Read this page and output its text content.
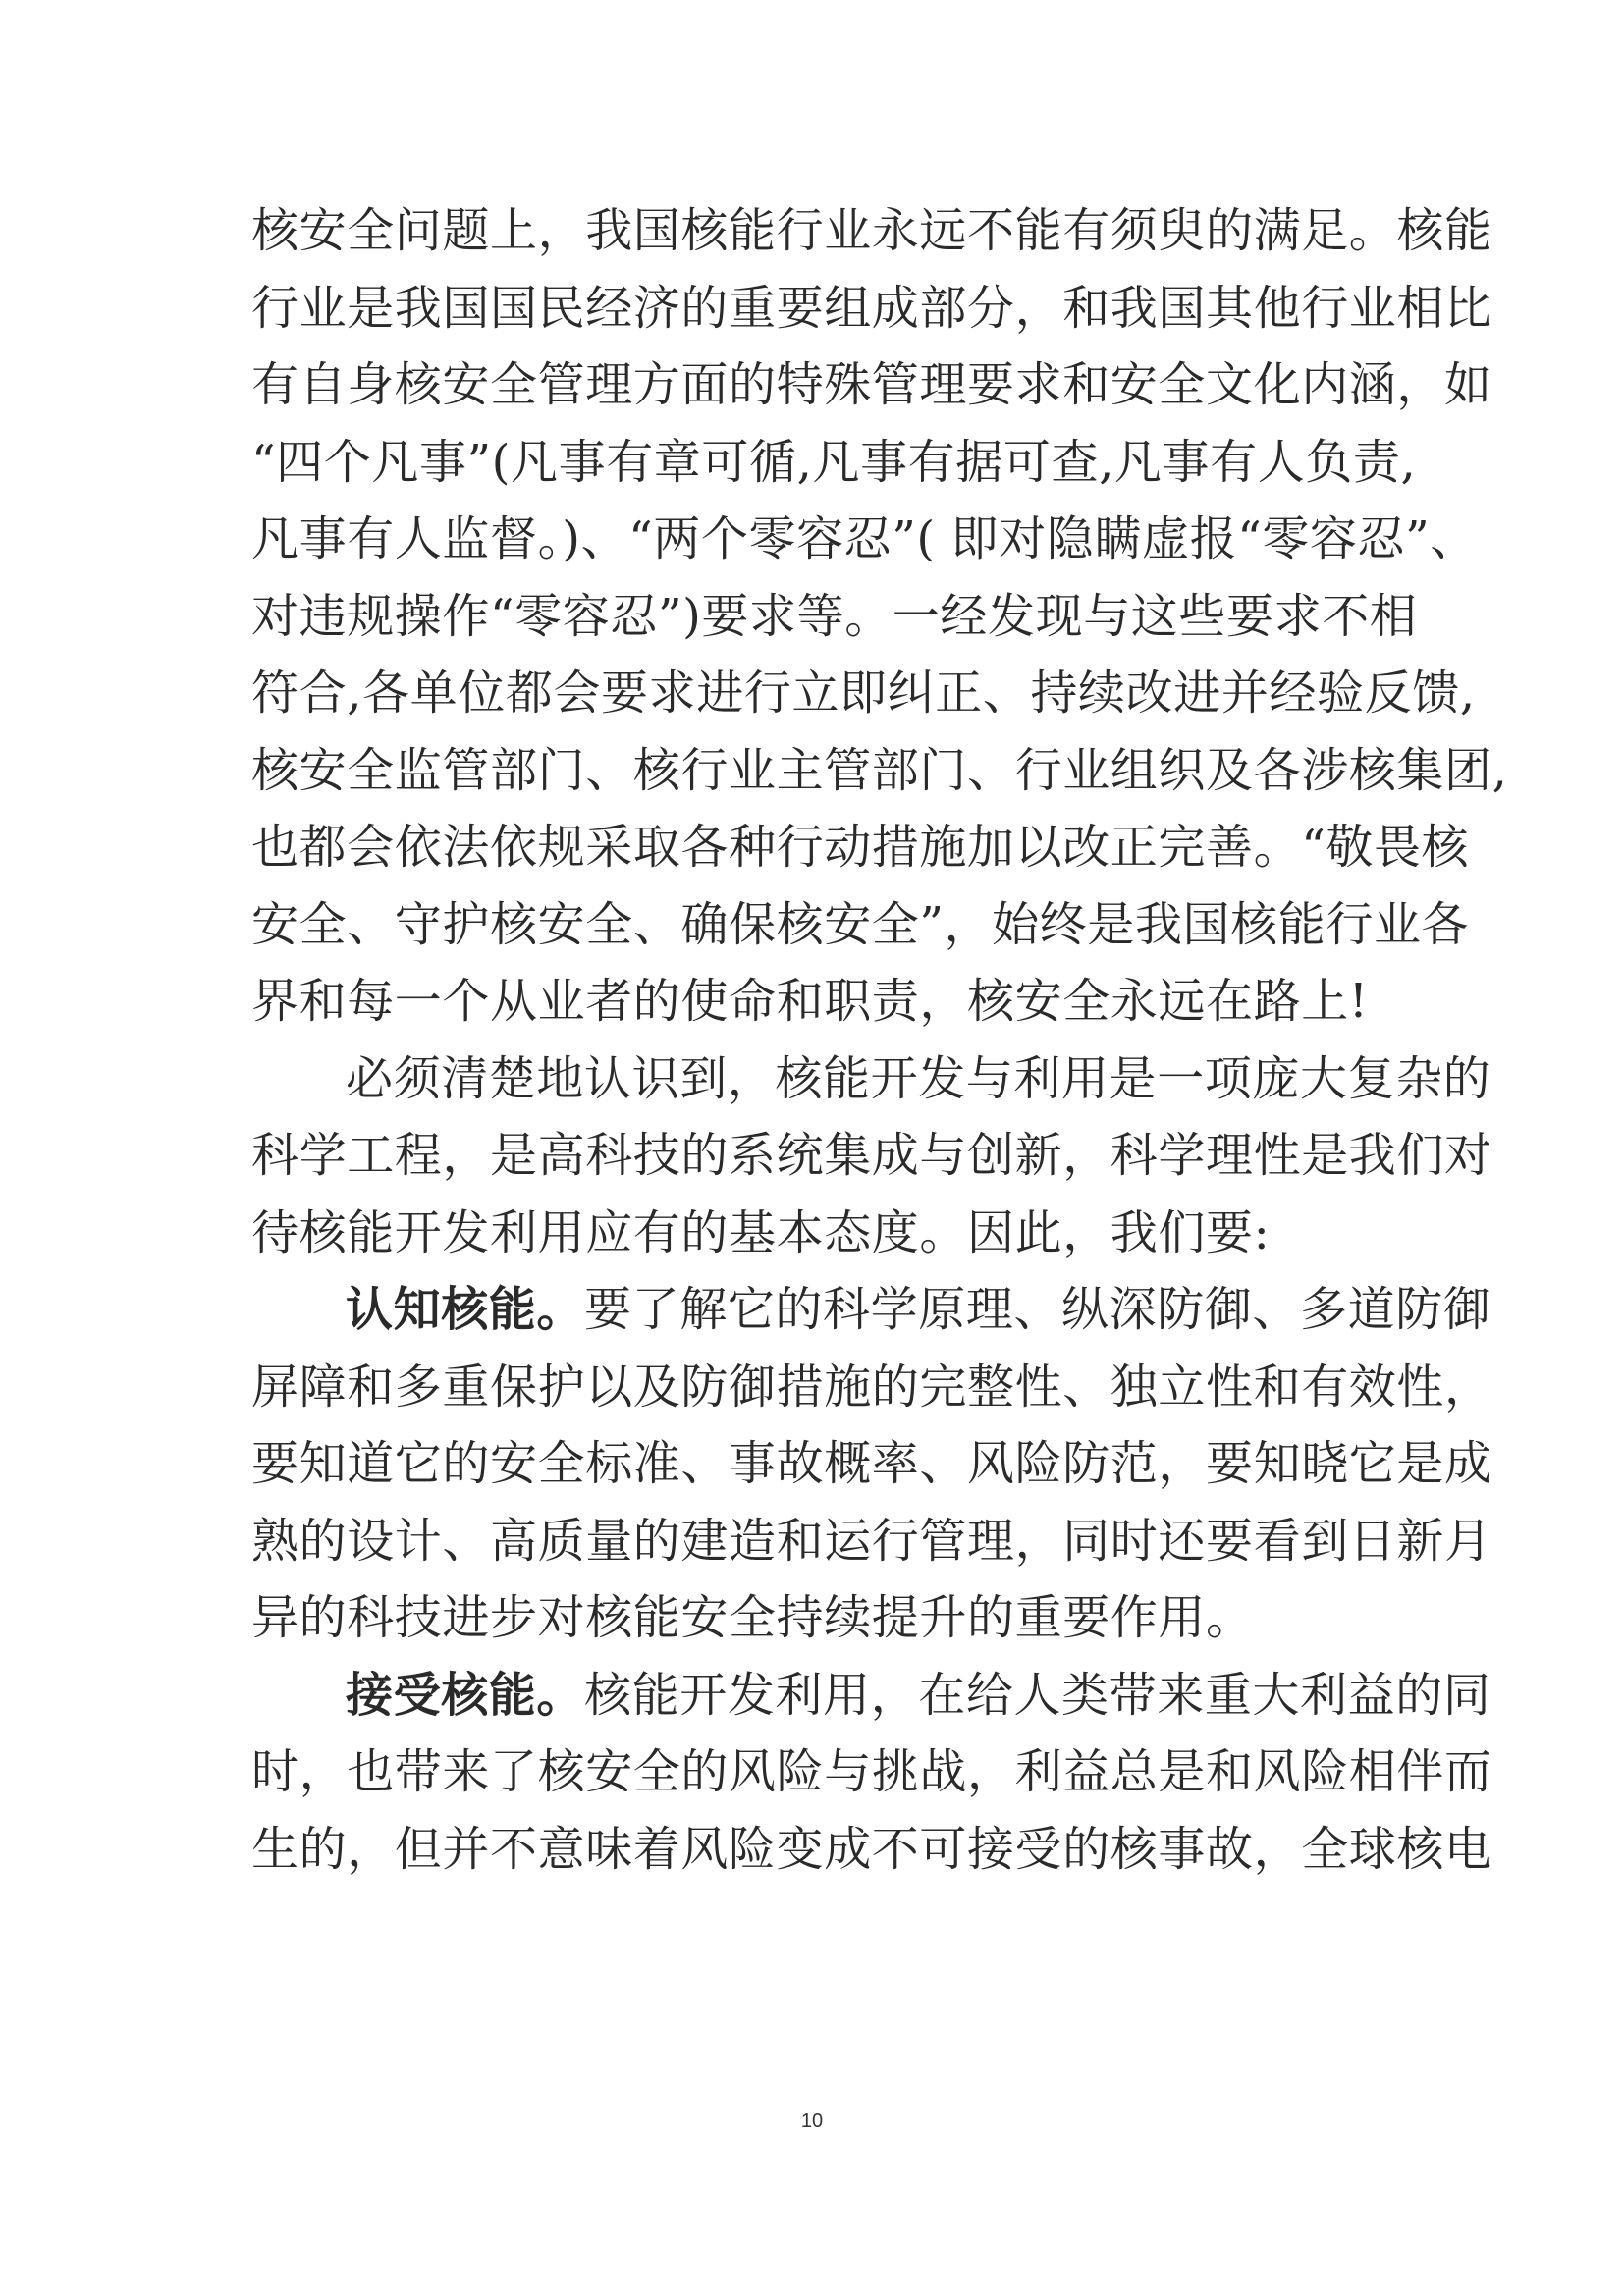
核安全问题上，我国核能行业永远不能有须臾的满足。核能
行业是我国国民经济的重要组成部分，和我国其他行业相比
有自身核安全管理方面的特殊管理要求和安全文化内涵，如
“四个凡事”(凡事有章可循,凡事有据可查,凡事有人负责,
凡事有人监督。)、“两个零容忍”( 即对隐瞒虚报“零容忍”、
对违规操作“零容忍”)要求等。一经发现与这些要求不相
符合,各单位都会要求进行立即纠正、持续改进并经验反馈,
核安全监管部门、核行业主管部门、行业组织及各涉核集团,
也都会依法依规采取各种行动措施加以改正完善。“敬畏核
安全、守护核安全、确保核安全”，始终是我国核能行业各
界和每一个从业者的使命和职责，核安全永远在路上!
必须清楚地认识到，核能开发与利用是一项庞大复杂的
科学工程，是高科技的系统集成与创新，科学理性是我们对
待核能开发利用应有的基本态度。因此，我们要:
认知核能。要了解它的科学原理、纵深防御、多道防御
屏障和多重保护以及防御措施的完整性、独立性和有效性，
要知道它的安全标准、事故概率、风险防范，要知晓它是成
熟的设计、高质量的建造和运行管理，同时还要看到日新月
异的科技进步对核能安全持续提升的重要作用。
接受核能。核能开发利用，在给人类带来重大利益的同
时，也带来了核安全的风险与挑战，利益总是和风险相伴而
生的，但并不意味着风险变成不可接受的核事故，全球核电
10
